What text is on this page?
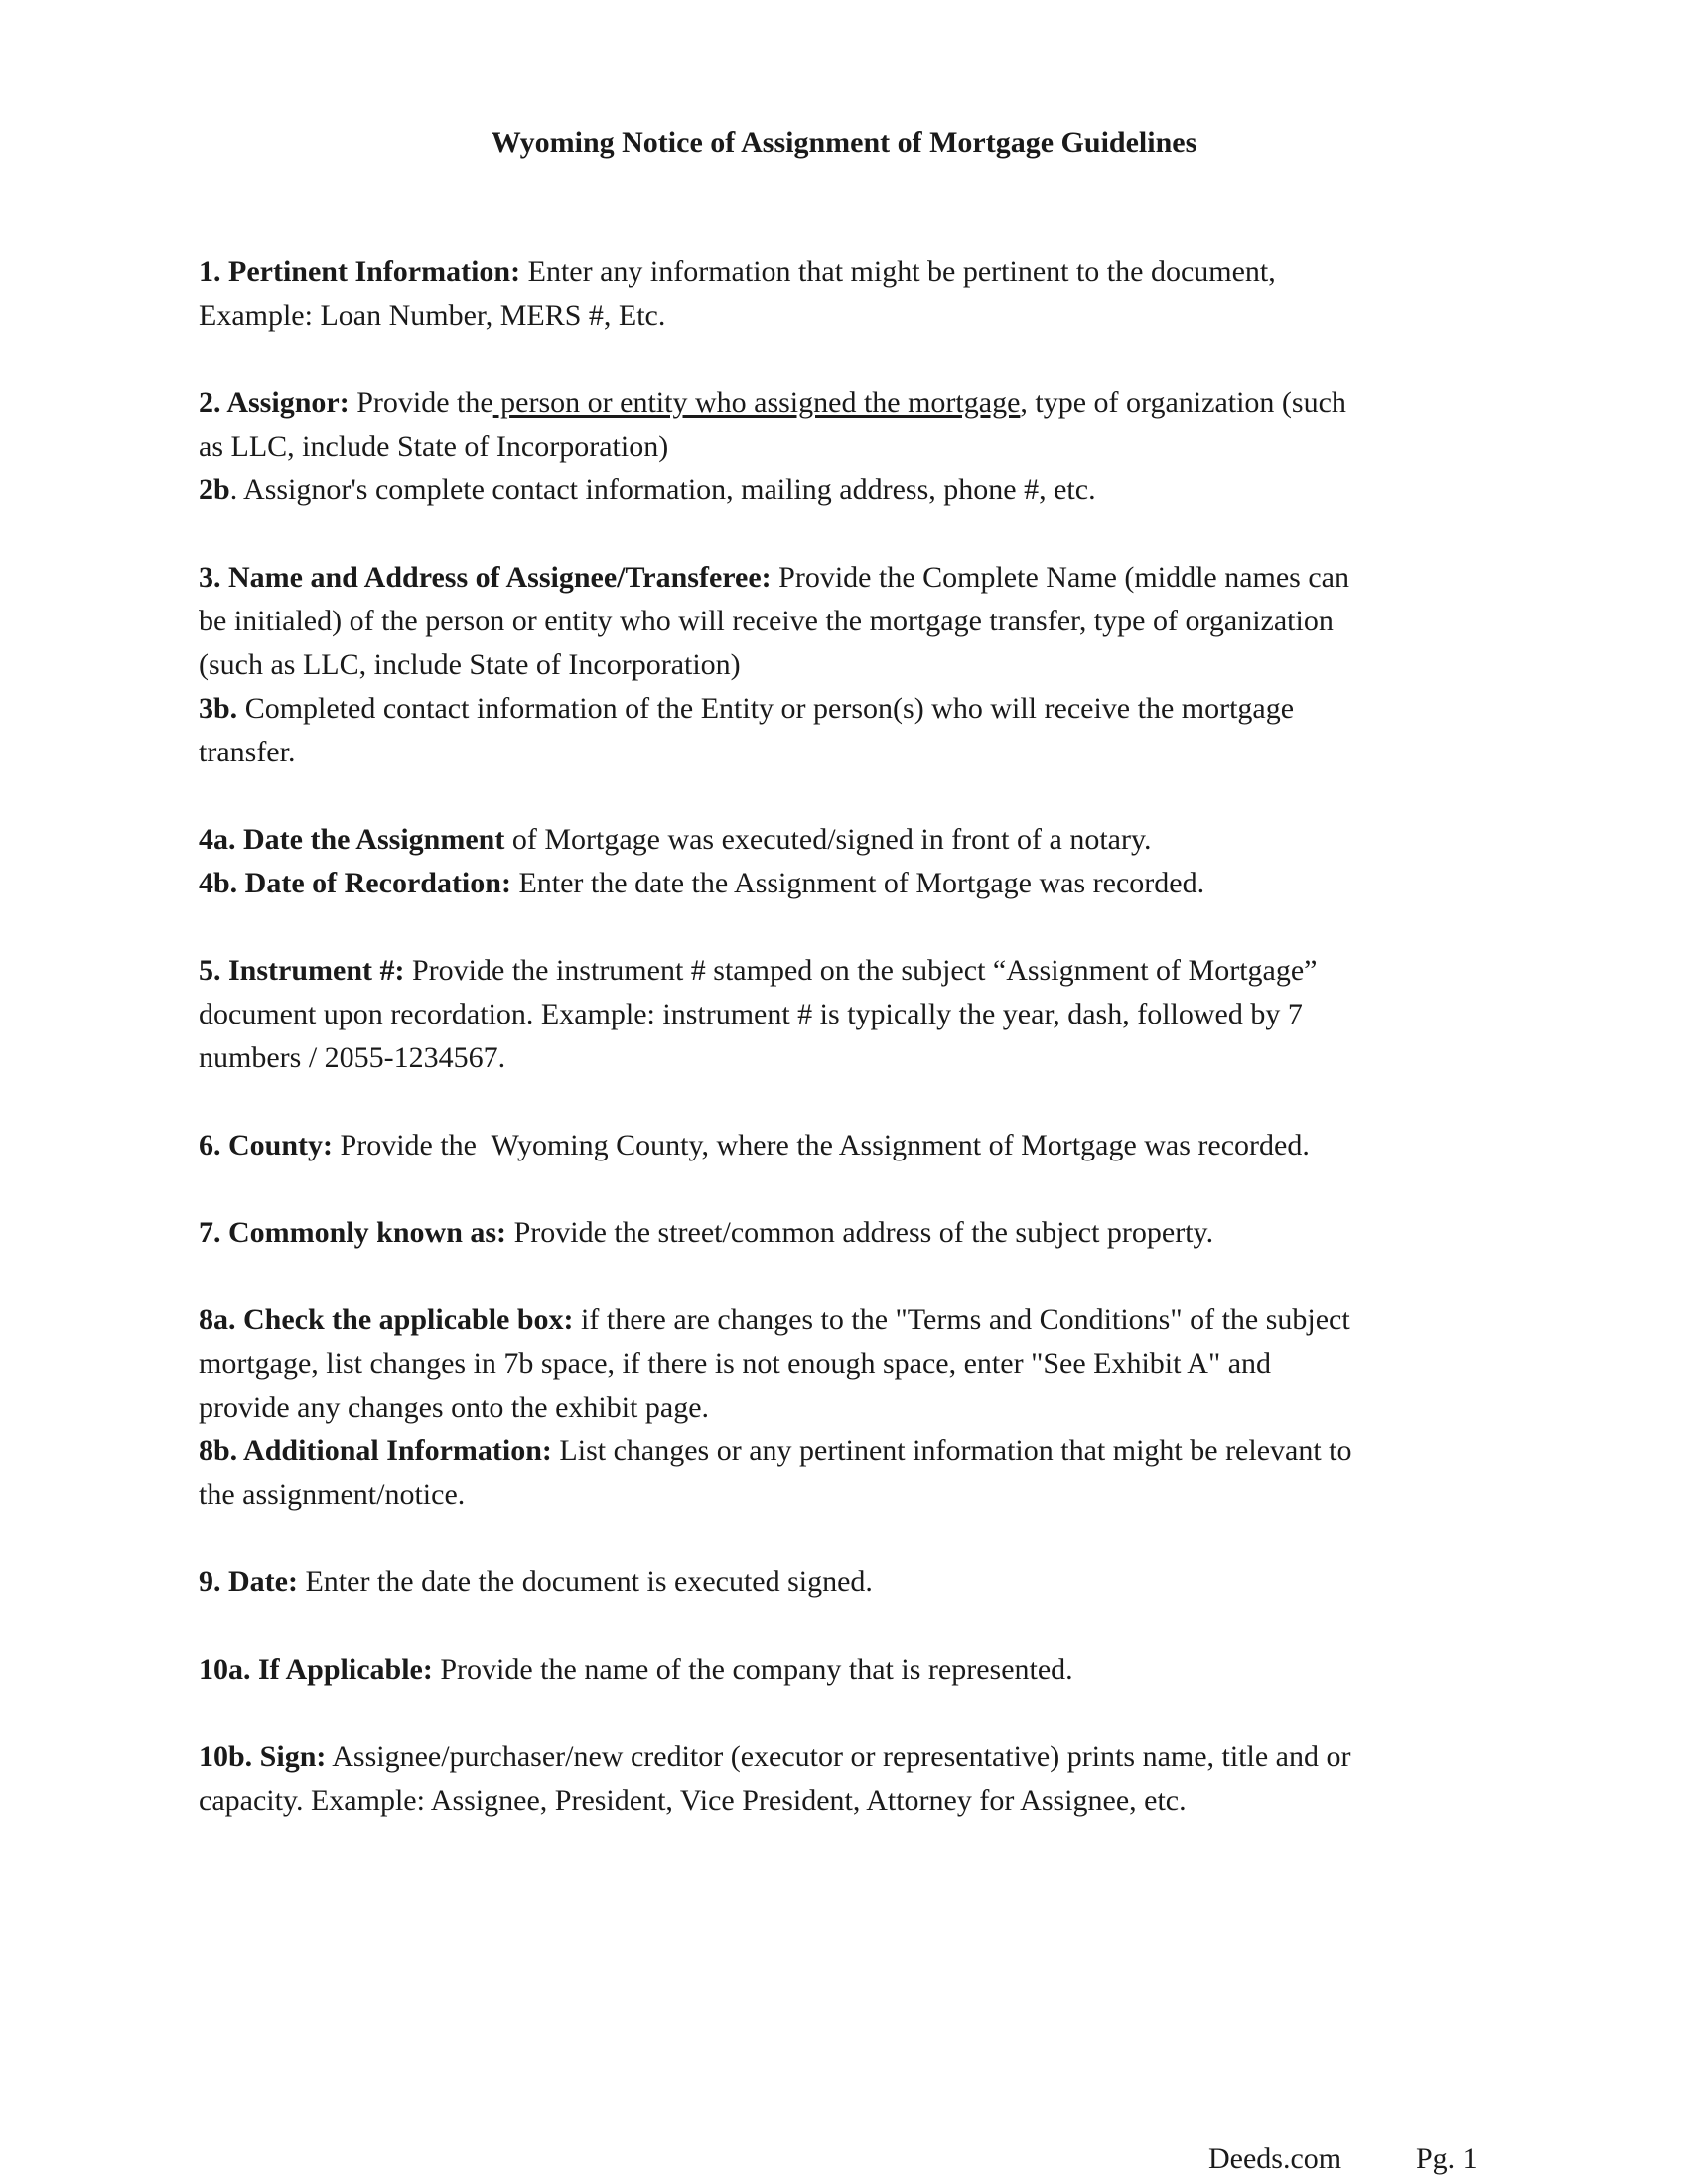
Wyoming Notice of Assignment of Mortgage Guidelines

1. Pertinent Information: Enter any information that might be pertinent to the document,

Example: Loan Number, MERS #, Etc.

2. Assignor: Provide the person or entity who assigned the mortgage, type of organization (such

as LLC, include State of Incorporation)

2b. Assignor's complete contact information, mailing address, phone #, etc.

3. Name and Address of Assignee/Transferee: Provide the Complete Name (middle names can

be initialed) of the person or entity who will receive the mortgage transfer, type of organization

(such as LLC, include State of Incorporation)

3b. Completed contact information of the Entity or person(s) who will receive the mortgage

transfer.

4a. Date the Assignment of Mortgage was executed/signed in front of a notary.

4b. Date of Recordation: Enter the date the Assignment of Mortgage was recorded.

5. Instrument #: Provide the instrument # stamped on the subject “Assignment of Mortgage”

document upon recordation. Example: instrument # is typically the year, dash, followed by 7

numbers / 2055-1234567.

6. County: Provide the  Wyoming County, where the Assignment of Mortgage was recorded.

7. Commonly known as: Provide the street/common address of the subject property.

8a. Check the applicable box: if there are changes to the "Terms and Conditions" of the subject

mortgage, list changes in 7b space, if there is not enough space, enter "See Exhibit A" and

provide any changes onto the exhibit page.

8b. Additional Information: List changes or any pertinent information that might be relevant to

the assignment/notice.

9. Date: Enter the date the document is executed signed.

10a. If Applicable: Provide the name of the company that is represented.

10b. Sign: Assignee/purchaser/new creditor (executor or representative) prints name, title and or

capacity. Example: Assignee, President, Vice President, Attorney for Assignee, etc.

Deeds.com Pg. 1
